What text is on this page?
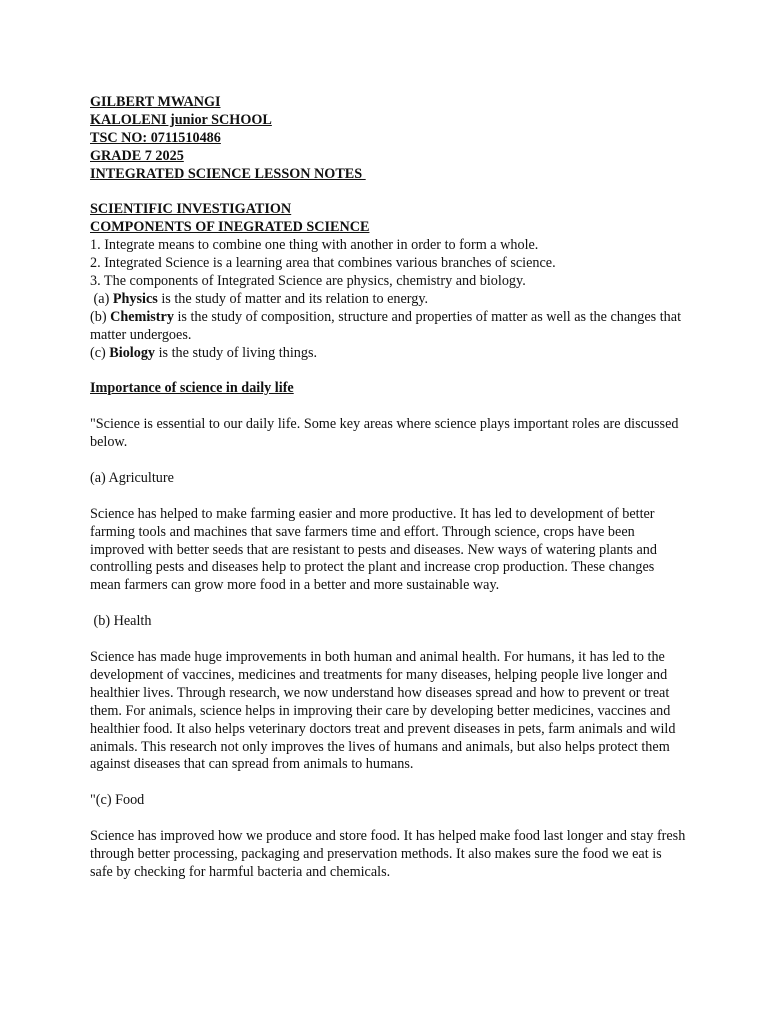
GILBERT MWANGI

KALOLENI junior SCHOOL

TSC NO: 0711510486

GRADE 7 2025

INTEGRATED SCIENCE LESSON NOTES

SCIENTIFIC INVESTIGATION

COMPONENTS OF INEGRATED SCIENCE

1. Integrate means to combine one thing with another in order to form a whole.

2. Integrated Science is a learning area that combines various branches of science.

3. The components of Integrated Science are physics, chemistry and biology.

(a) Physics is the study of matter and its relation to energy.

(b) Chemistry is the study of composition, structure and properties of matter as well as the changes that matter undergoes.

(c) Biology is the study of living things.

Importance of science in daily life

"Science is essential to our daily life. Some key areas where science plays important roles are discussed below.

(a) Agriculture

Science has helped to make farming easier and more productive. It has led to development of better farming tools and machines that save farmers time and effort. Through science, crops have been improved with better seeds that are resistant to pests and diseases. New ways of watering plants and controlling pests and diseases help to protect the plant and increase crop production. These changes mean farmers can grow more food in a better and more sustainable way.

(b) Health

Science has made huge improvements in both human and animal health. For humans, it has led to the development of vaccines, medicines and treatments for many diseases, helping people live longer and healthier lives. Through research, we now understand how diseases spread and how to prevent or treat them. For animals, science helps in improving their care by developing better medicines, vaccines and healthier food. It also helps veterinary doctors treat and prevent diseases in pets, farm animals and wild animals. This research not only improves the lives of humans and animals, but also helps protect them against diseases that can spread from animals to humans.

"(c) Food

Science has improved how we produce and store food. It has helped make food last longer and stay fresh through better processing, packaging and preservation methods. It also makes sure the food we eat is safe by checking for harmful bacteria and chemicals.
